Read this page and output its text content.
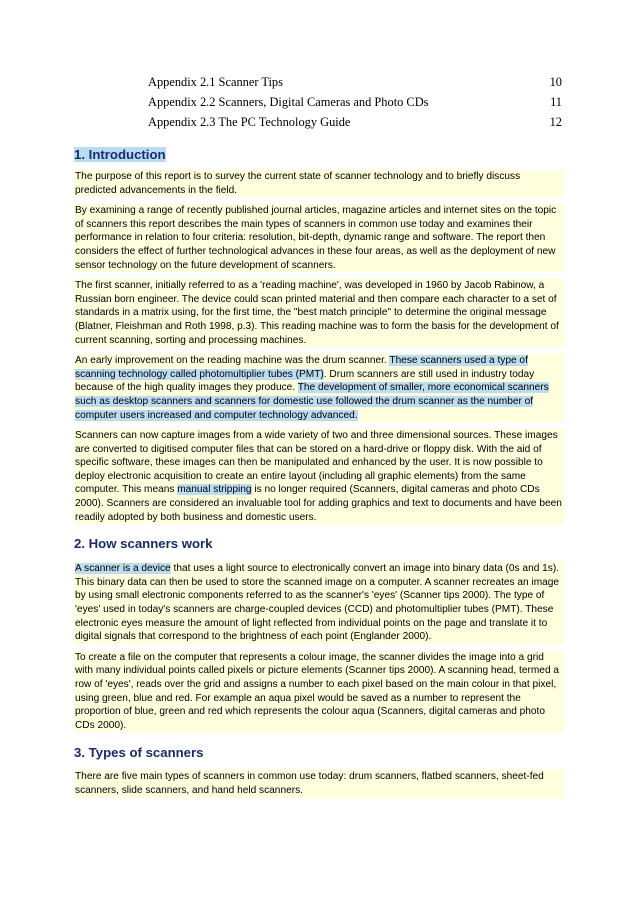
Appendix 2.1 Scanner Tips	10
Appendix 2.2 Scanners, Digital Cameras and Photo CDs	11
Appendix 2.3 The PC Technology Guide	12
1. Introduction

The purpose of this report is to survey the current state of scanner technology and to briefly discuss predicted advancements in the field.

By examining a range of recently published journal articles, magazine articles and internet sites on the topic of scanners this report describes the main types of scanners in common use today and examines their performance in relation to four criteria: resolution, bit-depth, dynamic range and software. The report then considers the effect of further technological advances in these four areas, as well as the deployment of new sensor technology on the future development of scanners.

The first scanner, initially referred to as a 'reading machine', was developed in 1960 by Jacob Rabinow, a Russian born engineer. The device could scan printed material and then compare each character to a set of standards in a matrix using, for the first time, the "best match principle" to determine the original message (Blatner, Fleishman and Roth 1998, p.3). This reading machine was to form the basis for the development of current scanning, sorting and processing machines.

An early improvement on the reading machine was the drum scanner. These scanners used a type of scanning technology called photomultiplier tubes (PMT). Drum scanners are still used in industry today because of the high quality images they produce. The development of smaller, more economical scanners such as desktop scanners and scanners for domestic use followed the drum scanner as the number of computer users increased and computer technology advanced.

Scanners can now capture images from a wide variety of two and three dimensional sources. These images are converted to digitised computer files that can be stored on a hard-drive or floppy disk. With the aid of specific software, these images can then be manipulated and enhanced by the user. It is now possible to deploy electronic acquisition to create an entire layout (including all graphic elements) from the same computer. This means manual stripping is no longer required (Scanners, digital cameras and photo CDs 2000). Scanners are considered an invaluable tool for adding graphics and text to documents and have been readily adopted by both business and domestic users.

2. How scanners work

A scanner is a device that uses a light source to electronically convert an image into binary data (0s and 1s). This binary data can then be used to store the scanned image on a computer. A scanner recreates an image by using small electronic components referred to as the scanner's 'eyes' (Scanner tips 2000). The type of 'eyes' used in today's scanners are charge-coupled devices (CCD) and photomultiplier tubes (PMT). These electronic eyes measure the amount of light reflected from individual points on the page and translate it to digital signals that correspond to the brightness of each point (Englander 2000).

To create a file on the computer that represents a colour image, the scanner divides the image into a grid with many individual points called pixels or picture elements (Scanner tips 2000). A scanning head, termed a row of 'eyes', reads over the grid and assigns a number to each pixel based on the main colour in that pixel, using green, blue and red. For example an aqua pixel would be saved as a number to represent the proportion of blue, green and red which represents the colour aqua (Scanners, digital cameras and photo CDs 2000).

3. Types of scanners

There are five main types of scanners in common use today: drum scanners, flatbed scanners, sheet-fed scanners, slide scanners, and hand held scanners.
